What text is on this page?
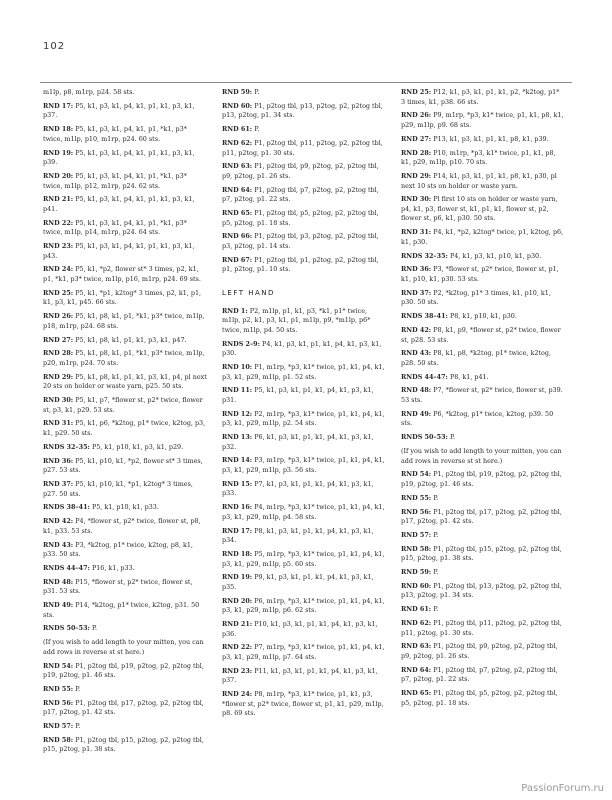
102

m1lp, p8, m1rp, p24. 58 sts.

RND 17: P5, k1, p3, k1, p4, k1, p1, k1, p3, k1, p37.

RND 18: P5, k1, p3, k1, p4, k1, p1, *k1, p3* twice, m1lp, p10, m1rp, p24. 60 sts.

RND 19: P5, k1, p3, k1, p4, k1, p1, k1, p3, k1, p39.

RND 20: P5, k1, p3, k1, p4, k1, p1, *k1, p3* twice, m1lp, p12, m1rp, p24. 62 sts.

RND 21: P5, k1, p3, k1, p4, k1, p1, k1, p3, k1, p41.

RND 22: P5, k1, p3, k1, p4, k1, p1, *k1, p3* twice, m1lp, p14, m1rp, p24. 64 sts.

RND 23: P5, k1, p3, k1, p4, k1, p1, k1, p3, k1, p43.

RND 24: P5, k1, *p2, flower st* 3 times, p2, k1, p1, *k1, p3* twice, m1lp, p16, m1rp, p24. 69 sts.

RND 25: P5, k1, *p1, k2tog* 3 times, p2, k1, p1, k1, p3, k1, p45. 66 sts.

RND 26: P5, k1, p8, k1, p1, *k1, p3* twice, m1lp, p18, m1rp, p24. 68 sts.

RND 27: P5, k1, p8, k1, p1, k1, p3, k1, p47.

RND 28: P5, k1, p8, k1, p1, *k1, p3* twice, m1lp, p20, m1rp, p24. 70 sts.

RND 29: P5, k1, p8, k1, p1, k1, p3, k1, p4, pl next 20 sts on holder or waste yarn, p25. 50 sts.

RND 30: P5, k1, p7, *flower st, p2* twice, flower st, p3, k1, p29. 53 sts.

RND 31: P5, k1, p6, *k2tog, p1* twice, k2tog, p3, k1, p29. 50 sts.

RNDS 32–35: P5, k1, p10, k1, p3, k1, p29.

RND 36: P5, k1, p10, k1, *p2, flower st* 3 times, p27. 53 sts.

RND 37: P5, k1, p10, k1, *p1, k2tog* 3 times, p27. 50 sts.

RNDS 38–41: P5, k1, p10, k1, p33.

RND 42: P4, *flower st, p2* twice, flower st, p8, k1, p33. 53 sts.

RND 43: P3, *k2tog, p1* twice, k2tog, p8, k1, p33. 50 sts.

RNDS 44–47: P16, k1, p33.

RND 48: P15, *flower st, p2* twice, flower st, p31. 53 sts.

RND 49: P14, *k2tog, p1* twice, k2tog, p31. 50 sts.

RNDS 50–53: P.

(If you wish to add length to your mitten, you can add rows in reverse st st here.)

RND 54: P1, p2tog tbl, p19, p2tog, p2, p2tog tbl, p19, p2tog, p1. 46 sts.

RND 55: P.

RND 56: P1, p2tog tbl, p17, p2tog, p2, p2tog tbl, p17, p2tog, p1. 42 sts.

RND 57: P.

RND 58: P1, p2tog tbl, p15, p2tog, p2, p2tog tbl, p15, p2tog, p1. 38 sts.

RND 59: P.

RND 60: P1, p2tog tbl, p13, p2tog, p2, p2tog tbl, p13, p2tog, p1. 34 sts.

RND 61: P.

RND 62: P1, p2tog tbl, p11, p2tog, p2, p2tog tbl, p11, p2tog, p1. 30 sts.

RND 63: P1, p2tog tbl, p9, p2tog, p2, p2tog tbl, p9, p2tog, p1. 26 sts.

RND 64: P1, p2tog tbl, p7, p2tog, p2, p2tog tbl, p7, p2tog, p1. 22 sts.

RND 65: P1, p2tog tbl, p5, p2tog, p2, p2tog tbl, p5, p2tog, p1. 18 sts.

RND 66: P1, p2tog tbl, p3, p2tog, p2, p2tog tbl, p3, p2tog, p1. 14 sts.

RND 67: P1, p2tog tbl, p1, p2tog, p2, p2tog tbl, p1, p2tog, p1. 10 sts.

LEFT HAND

RND 1: P2, m1lp, p1, k1, p3, *k1, p1* twice, m1lp, p2, k1, p3, k1, p1, m1lp, p9, *m1lp, p6* twice, m1lp, p4. 50 sts.

RNDS 2–9: P4, k1, p3, k1, p1, k1, p4, k1, p3, k1, p30.

RND 10: P1, m1rp, *p3, k1* twice, p1, k1, p4, k1, p3, k1, p29, m1lp, p1. 52 sts.

RND 11: P5, k1, p3, k1, p1, k1, p4, k1, p3, k1, p31.

RND 12: P2, m1rp, *p3, k1* twice, p1, k1, p4, k1, p3, k1, p29, m1lp, p2. 54 sts.

RND 13: P6, k1, p3, k1, p1, k1, p4, k1, p3, k1, p32.

RND 14: P3, m1rp, *p3, k1* twice, p1, k1, p4, k1, p3, k1, p29, m1lp, p3. 56 sts.

RND 15: P7, k1, p3, k1, p1, k1, p4, k1, p3, k1, p33.

RND 16: P4, m1rp, *p3, k1* twice, p1, k1, p4, k1, p3, k1, p29, m1lp, p4. 58 sts.

RND 17: P8, k1, p3, k1, p1, k1, p4, k1, p3, k1, p34.

RND 18: P5, m1rp, *p3, k1* twice, p1, k1, p4, k1, p3, k1, p29, m1lp, p5. 60 sts.

RND 19: P9, k1, p3, k1, p1, k1, p4, k1, p3, k1, p35.

RND 20: P6, m1rp, *p3, k1* twice, p1, k1, p4, k1, p3, k1, p29, m1lp, p6. 62 sts.

RND 21: P10, k1, p3, k1, p1, k1, p4, k1, p3, k1, p36.

RND 22: P7, m1rp, *p3, k1* twice, p1, k1, p4, k1, p3, k1, p29, m1lp, p7. 64 sts.

RND 23: P11, k1, p3, k1, p1, k1, p4, k1, p3, k1, p37.

RND 24: P8, m1rp, *p3, k1* twice, p1, k1, p3, *flower st, p2* twice, flower st, p1, k1, p29, m1lp, p8. 69 sts.

RND 25: P12, k1, p3, k1, p1, k1, p2, *k2tog, p1* 3 times, k1, p38. 66 sts.

RND 26: P9, m1rp, *p3, k1* twice, p1, k1, p8, k1, p29, m1lp, p9. 68 sts.

RND 27: P13, k1, p3, k1, p1, k1, p8, k1, p39.

RND 28: P10, m1rp, *p3, k1* twice, p1, k1, p8, k1, p29, m1lp, p10. 70 sts.

RND 29: P14, k1, p3, k1, p1, k1, p8, k1, p30, pl next 10 sts on holder or waste yarn.

RND 30: Pl first 10 sts on holder or waste yarn, p4, k1, p3, flower st, k1, p1, k1, flower st, p2, flower st, p6, k1, p30. 50 sts.

RND 31: P4, k1, *p2, k2tog* twice, p1, k2tog, p6, k1, p30.

RNDS 32–35: P4, k1, p3, k1, p10, k1, p30.

RND 36: P3, *flower st, p2* twice, flower st, p1, k1, p10, k1, p30. 53 sts.

RND 37: P2, *k2tog, p1* 3 times, k1, p10, k1, p30. 50 sts.

RNDS 38–41: P8, k1, p10, k1, p30.

RND 42: P8, k1, p9, *flower st, p2* twice, flower st, p28. 53 sts.

RND 43: P8, k1, p8, *k2tog, p1* twice, k2tog, p28. 50 sts.

RNDS 44–47: P8, k1, p41.

RND 48: P7, *flower st, p2* twice, flower st, p39. 53 sts.

RND 49: P6, *k2tog, p1* twice, k2tog, p39. 50 sts.

RNDS 50–53: P.

(If you wish to add length to your mitten, you can add rows in reverse st st here.)

RND 54: P1, p2tog tbl, p19, p2tog, p2, p2tog tbl, p19, p2tog, p1. 46 sts.

RND 55: P.

RND 56: P1, p2tog tbl, p17, p2tog, p2, p2tog tbl, p17, p2tog, p1. 42 sts.

RND 57: P.

RND 58: P1, p2tog tbl, p15, p2tog, p2, p2tog tbl, p15, p2tog, p1. 38 sts.

RND 59: P.

RND 60: P1, p2tog tbl, p13, p2tog, p2, p2tog tbl, p13, p2tog, p1. 34 sts.

RND 61: P.

RND 62: P1, p2tog tbl, p11, p2tog, p2, p2tog tbl, p11, p2tog, p1. 30 sts.

RND 63: P1, p2tog tbl, p9, p2tog, p2, p2tog tbl, p9, p2tog, p1. 26 sts.

RND 64: P1, p2tog tbl, p7, p2tog, p2, p2tog tbl, p7, p2tog, p1. 22 sts.

RND 65: P1, p2tog tbl, p5, p2tog, p2, p2tog tbl, p5, p2tog, p1. 18 sts.

PassionForum.ru
